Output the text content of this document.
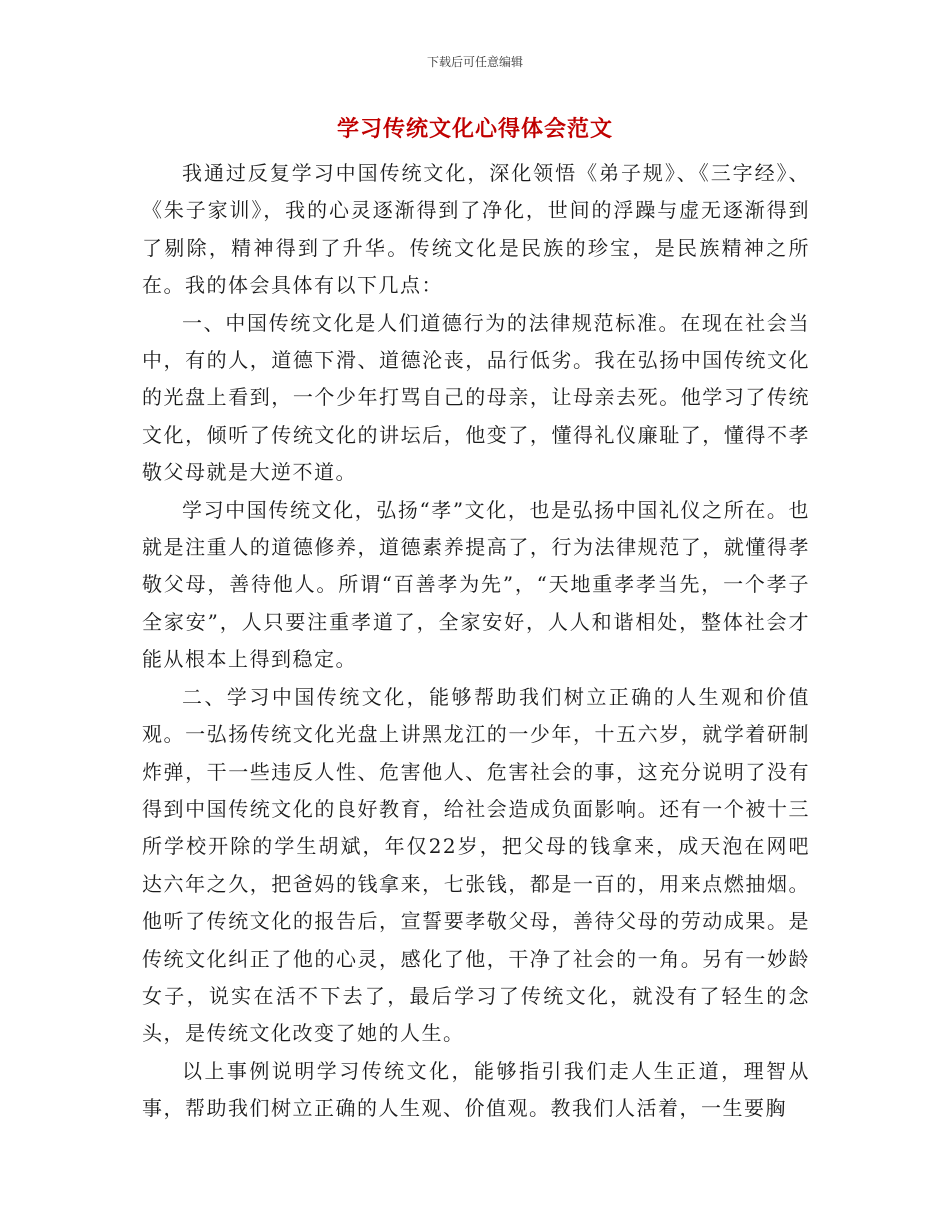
下载后可任意编辑
学习传统文化心得体会范文

我通过反复学习中国传统文化，深化领悟《弟子规》、《三字经》、《朱子家训》，我的心灵逐渐得到了净化，世间的浮躁与虚无逐渐得到了剔除，精神得到了升华。传统文化是民族的珍宝，是民族精神之所在。我的体会具体有以下几点：

一、中国传统文化是人们道德行为的法律规范标准。在现在社会当中，有的人，道德下滑、道德沦丧，品行低劣。我在弘扬中国传统文化的光盘上看到，一个少年打骂自己的母亲，让母亲去死。他学习了传统文化，倾听了传统文化的讲坛后，他变了，懂得礼仪廉耻了，懂得不孝敬父母就是大逆不道。

学习中国传统文化，弘扬“孝”文化，也是弘扬中国礼仪之所在。也就是注重人的道德修养，道德素养提高了，行为法律规范了，就懂得孝敬父母，善待他人。所谓“百善孝为先”，“天地重孝孝当先，一个孝子全家安”，人只要注重孝道了，全家安好，人人和谐相处，整体社会才能从根本上得到稳定。

二、学习中国传统文化，能够帮助我们树立正确的人生观和价值观。一弘扬传统文化光盘上讲黑龙江的一少年，十五六岁，就学着研制炸弹，干一些违反人性、危害他人、危害社会的事，这充分说明了没有得到中国传统文化的良好教育，给社会造成负面影响。还有一个被十三所学校开除的学生胡斌，年仅22岁，把父母的钱拿来，成天泡在网吧达六年之久，把爸妈的钱拿来，七张钱，都是一百的，用来点燃抽烟。他听了传统文化的报告后，宣誓要孝敬父母，善待父母的劳动成果。是传统文化纠正了他的心灵，感化了他，干净了社会的一角。另有一妙龄女子，说实在活不下去了，最后学习了传统文化，就没有了轻生的念头，是传统文化改变了她的人生。

以上事例说明学习传统文化，能够指引我们走人生正道，理智从事，帮助我们树立正确的人生观、价值观。教我们人活着，一生要胸
